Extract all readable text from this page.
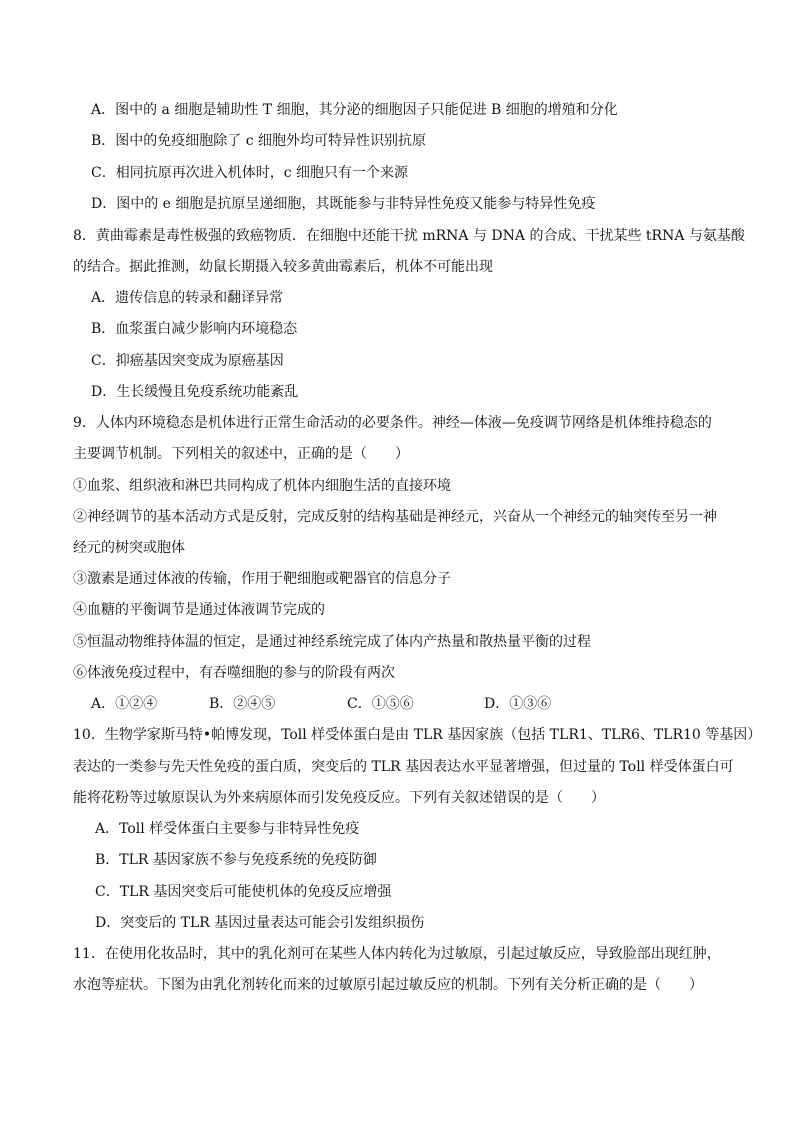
A．图中的 a 细胞是辅助性 T 细胞，其分泌的细胞因子只能促进 B 细胞的增殖和分化
B．图中的免疫细胞除了 c 细胞外均可特异性识别抗原
C．相同抗原再次进入机体时，c 细胞只有一个来源
D．图中的 e 细胞是抗原呈递细胞，其既能参与非特异性免疫又能参与特异性免疫
8．黄曲霉素是毒性极强的致癌物质．在细胞中还能干扰 mRNA 与 DNA 的合成、干扰某些 tRNA 与氨基酸
的结合。据此推测，幼鼠长期摄入较多黄曲霉素后，机体不可能出现
A．遗传信息的转录和翻译异常
B．血浆蛋白减少影响内环境稳态
C．抑癌基因突变成为原癌基因
D．生长缓慢且免疫系统功能紊乱
9．人体内环境稳态是机体进行正常生命活动的必要条件。神经—体液—免疫调节网络是机体维持稳态的
主要调节机制。下列相关的叙述中，正确的是（　　）
①血浆、组织液和淋巴共同构成了机体内细胞生活的直接环境
②神经调节的基本活动方式是反射，完成反射的结构基础是神经元，兴奋从一个神经元的轴突传至另一神
经元的树突或胞体
③激素是通过体液的传输，作用于靶细胞或靶器官的信息分子
④血糖的平衡调节是通过体液调节完成的
⑤恒温动物维持体温的恒定，是通过神经系统完成了体内产热量和散热量平衡的过程
⑥体液免疫过程中，有吞噬细胞的参与的阶段有两次
A．①②④	B．②④⑤	C．①⑤⑥	D．①③⑥
10．生物学家斯马特•帕博发现，Toll 样受体蛋白是由 TLR 基因家族（包括 TLR1、TLR6、TLR10 等基因）
表达的一类参与先天性免疫的蛋白质，突变后的 TLR 基因表达水平显著增强，但过量的 Toll 样受体蛋白可
能将花粉等过敏原误认为外来病原体而引发免疫反应。下列有关叙述错误的是（　　）
A．Toll 样受体蛋白主要参与非特异性免疫
B．TLR 基因家族不参与免疫系统的免疫防御
C．TLR 基因突变后可能使机体的免疫反应增强
D．突变后的 TLR 基因过量表达可能会引发组织损伤
11．在使用化妆品时，其中的乳化剂可在某些人体内转化为过敏原，引起过敏反应，导致脸部出现红肿，
水泡等症状。下图为由乳化剂转化而来的过敏原引起过敏反应的机制。下列有关分析正确的是（　　）
